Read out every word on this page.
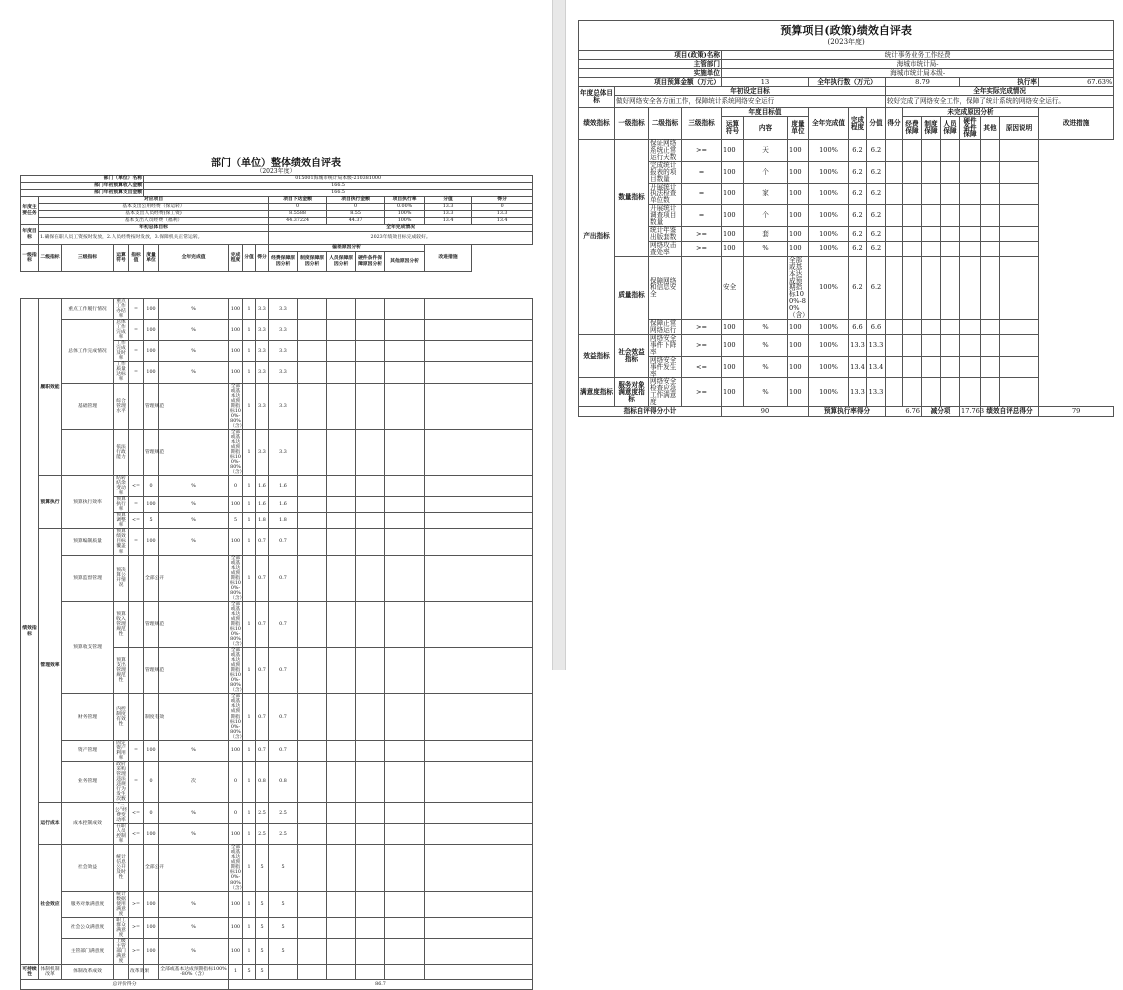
部门（单位）整体绩效自评表
（2023年度）
部门（单位）名称					015001海城市统计局本级-210381000											
部门年初预算收入金额					166.5											
部门年初预算支出金额					166.5											
年度主要任务	对应项目									项目下达金额		项目执行金额		项目执行率	分值	得分
	基本支出公用经费（保运转）									0		0		0.00%	13.3	0
	基本支出人员经费(保工资)									8.5588		8.55		100%	13.3	13.3
	基本支出人员经费（福利）									44.37224		44.37		100%	13.4	13.4
年度目标	年初总体目标									全年完成情况						
	1.确保在职人员工资按时发放，2.人员经费按时发放，3.保障机关正常运转。									2023年绩效目标完成较好。						
一级指标	二级指标	三级指标	运算符号	指标值	度量单位	全年完成值	完成程度	分值	得分	偏差原因分析					改进措施	
										经费保障原因分析	制度保障原因分析	人员保障原因分析	硬件条件保障原因分析	其他原因分析		
绩效指标	履职效能	重点工作履行情况	重点工作办结率	=	100	%	100	1	3.3	3.3						
		总体工作完成情况	总体工作完成率	=	100	%	100	1	3.3	3.3						
			工作完成及时率	=	100	%	100	1	3.3	3.3						
			工作质量达标率	=	100	%	100	1	3.3	3.3						
		基础管理	综合管理水平		管理规范		全部或基本达成预期指标100%-80%（含）	1	3.3	3.3						
			依法行政能力		管理规范		全部或基本达成预期指标100%-80%（含）	1	3.3	3.3						
	预算执行	预算执行效率	结转结余变动率	<=	0	%	0	1	1.6	1.6						
			预算执行率	=	100	%	100	1	1.6	1.6						
			预算调整率	<=	5	%	5	1	1.8	1.8						
	管理效率	预算编制质量	预算绩效目标覆盖率	=	100	%	100	1	0.7	0.7						
		预算监督管理	预决算公开情况		全部公开		全部或基本达成预期指标100%-80%（含）	1	0.7	0.7						
		预算收支管理	预算收入管理规范性		管理规范		全部或基本达成预期指标100%-80%（含）	1	0.7	0.7						
			预算支出管理规范性		管理规范		全部或基本达成预期指标100%-80%（含）	1	0.7	0.7						
		财务管理	内控制度有效性		制度有效		全部或基本达成预期指标100%-80%（含）	1	0.7	0.7						
		资产管理	固定资产利用率	=	100	%	100	1	0.7	0.7						
		业务管理	政府采购管理违法违规行为发生次数	=	0	次	0	1	0.8	0.8						
	运行成本	成本控制成效	“三公”经费变动率	<=	0	%	0	1	2.5	2.5						
			在职人员控制率	<=	100	%	100	1	2.5	2.5						
	社会效应	社会效益	统计信息公开及时性		全部公开		全部或基本达成预期指标100%-80%（含）	1	5	5						
		服务对象满意度	统计数据使用满意度	>=	100	%	100	1	5	5						
		社会公众满意度	职工群众满意度	>=	100	%	100	1	5	5						
		主管部门满意度	上级主管部门满意度	>=	100	%	100	1	5	5						
可持续性	体制机制改革	体制改革成效		改革效果		全部或基本达成预期指标100%-80%（含）	1	5	5							
总评价得分							86.7									
预算项目(政策)绩效自评表
(2023年度)																	

项目(政策)名称				统计事务业务工作经费													
主管部门				海城市统计局-													
实施单位				海城市统计局本级-													
项目预算金额（万元）				13			全年执行数（万元）			8.79				执行率			67.63%
年度总体目标	年初设定目标									全年实际完成情况							
	做好网络安全各方面工作，保障统计系统网络安全运行									较好完成了网络安全工作，保障了统计系统的网络安全运行。							
绩效指标	一级指标	二级指标	三级指标	年度目标值			全年完成值	完成程度	分值	得分	未完成原因分析						改进措施
				运算符号	内容	度量单位					经费保障	制度保障	人员保障	硬件条件保障	其他	原因说明	

产出指标	数量指标	保证网络系统正常运行天数	>=	100	天	100	100%	6.2	6.2								
		完成统计报表的项目数量	=	100	个	100	100%	6.2	6.2								
		开展统计执法检查单位数	=	100	家	100	100%	6.2	6.2								
		开展统计调查项目数量	=	100	个	100	100%	6.2	6.2								
		统计年鉴出版套数	>=	100	套	100	100%	6.2	6.2								
		网络攻击查处率	>=	100	%	100	100%	6.2	6.2								
	质量指标	保障网络和信息安全		安全		全部或基本达成预期指标100%-80%（含）	100%	6.2	6.2								
		保障正常网络运行	>=	100	%	100	100%	6.6	6.6								
效益指标	社会效益指标	网络安全事件下降率	>=	100	%	100	100%	13.3	13.3								
		网络安全事件发生率	<=	100	%	100	100%	13.4	13.4								
满意度指标	服务对象满意度指标	网络安全检查应急工作满意度	>=	100	%	100	100%	13.3	13.3								
指标自评得分小计				90			预算执行率得分			6.76		减分项		17.763	绩效自评总得分		79
